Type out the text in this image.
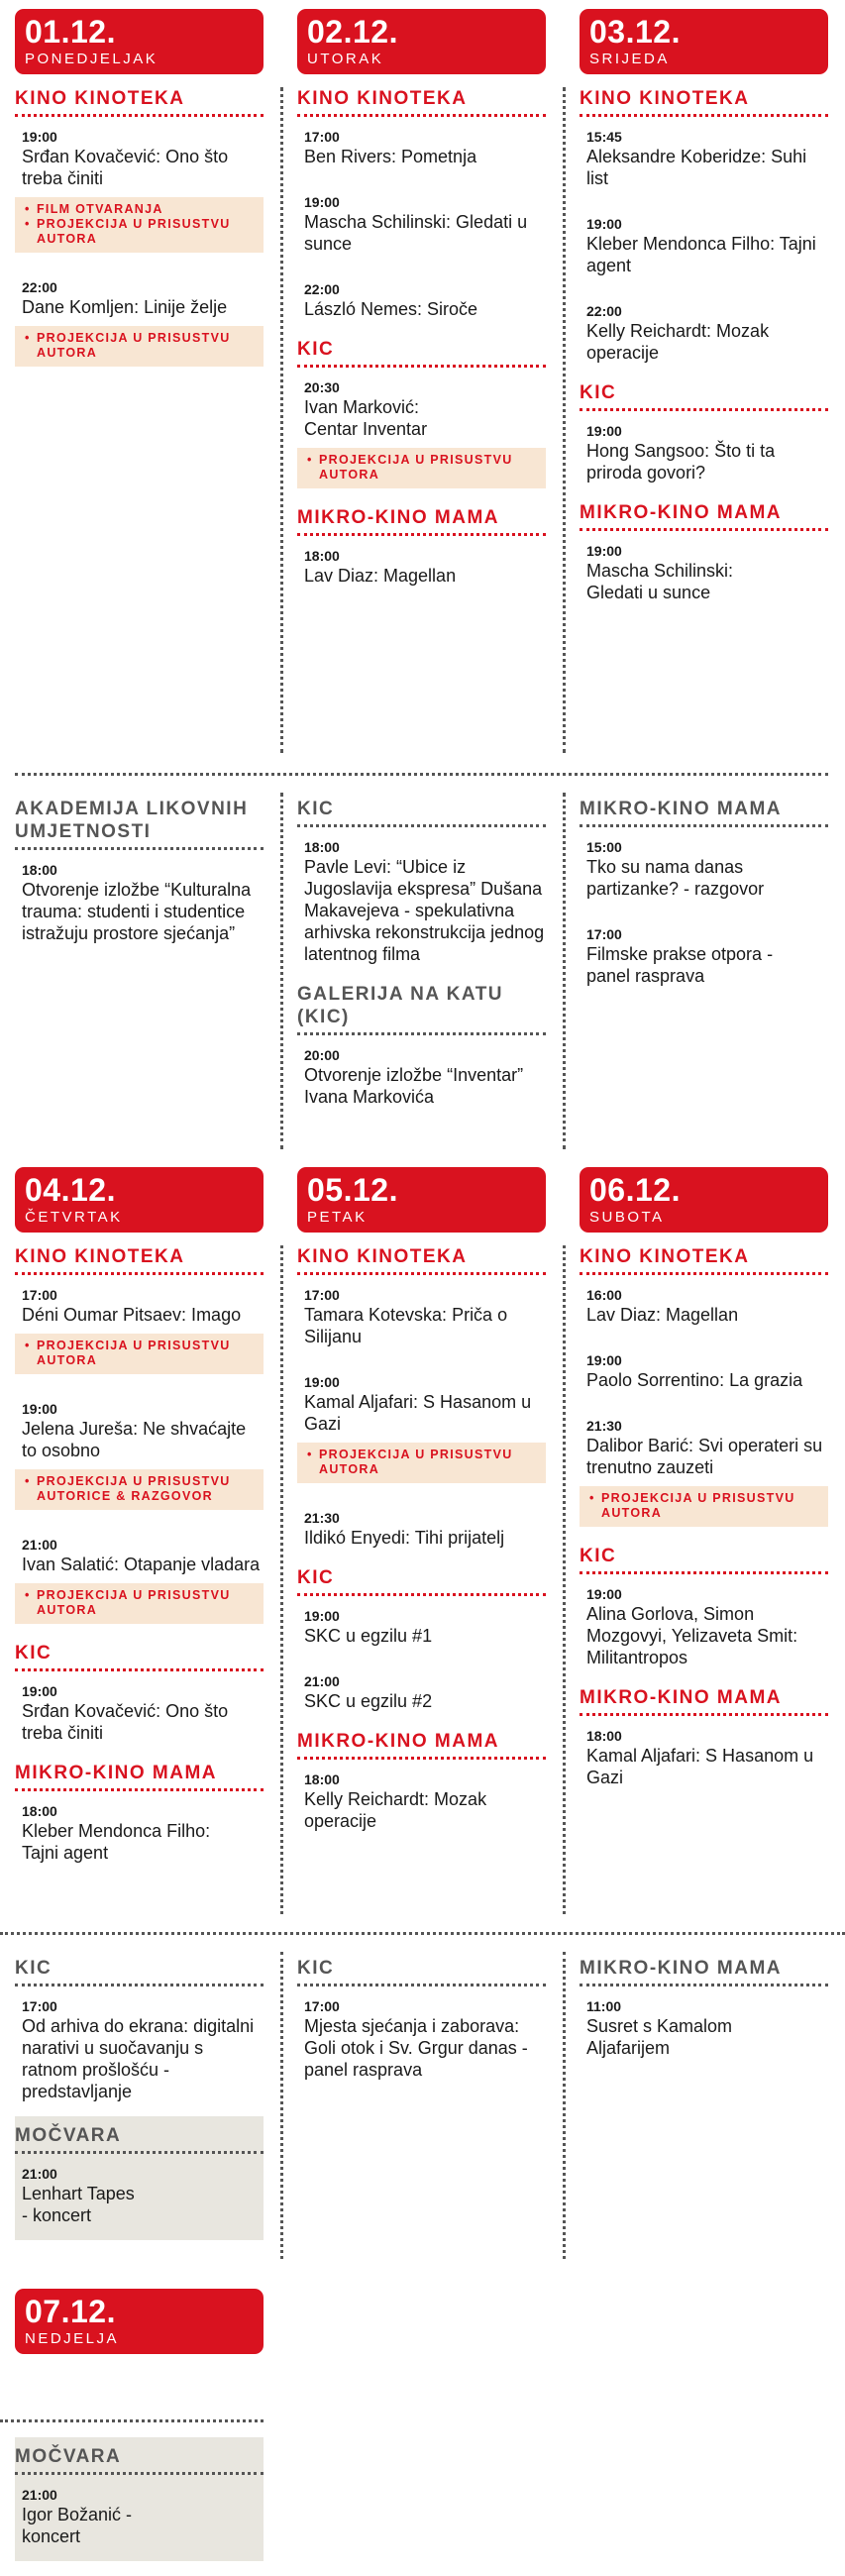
01.12.
PONEDJELJAK
02.12.
UTORAK
03.12.
SRIJEDA
KINO KINOTEKA
19:00
Srđan Kovačević: Ono što treba činiti
• FILM OTVARANJA
• PROJEKCIJA U PRISUSTVU AUTORA
22:00
Dane Komljen: Linije želje
• PROJEKCIJA U PRISUSTVU AUTORA
KINO KINOTEKA
17:00
Ben Rivers: Pometnja
19:00
Mascha Schilinski: Gledati u sunce
22:00
László Nemes: Siroče
KIC
20:30
Ivan Marković: Centar Inventar
• PROJEKCIJA U PRISUSTVU AUTORA
MIKRO-KINO MAMA
18:00
Lav Diaz: Magellan
KINO KINOTEKA
15:45
Aleksandre Koberidze: Suhi list
19:00
Kleber Mendonca Filho: Tajni agent
22:00
Kelly Reichardt: Mozak operacije
KIC
19:00
Hong Sangsoo: Što ti ta priroda govori?
MIKRO-KINO MAMA
19:00
Mascha Schilinski: Gledati u sunce
AKADEMIJA LIKOVNIH UMJETNOSTI
18:00
Otvorenje izložbe “Kulturalna trauma: studenti i studentice istražuju prostore sjećanja”
KIC
18:00
Pavle Levi: “Ubice iz Jugoslavija ekspresa” Dušana Makavejeva - spekulativna arhivska rekonstrukcija jednog latentnog filma
GALERIJA NA KATU (KIC)
20:00
Otvorenje izložbe “Inventar” Ivana Markovića
MIKRO-KINO MAMA
15:00
Tko su nama danas partizanke? - razgovor
17:00
Filmske prakse otpora - panel rasprava
04.12.
ČETVRTAK
05.12.
PETAK
06.12.
SUBOTA
KINO KINOTEKA
17:00
Déni Oumar Pitsaev: Imago
• PROJEKCIJA U PRISUSTVU AUTORA
19:00
Jelena Jureša: Ne shvaćajte to osobno
• PROJEKCIJA U PRISUSTVU AUTORICE & RAZGOVOR
21:00
Ivan Salatić: Otapanje vladara
• PROJEKCIJA U PRISUSTVU AUTORA
KIC
19:00
Srđan Kovačević: Ono što treba činiti
MIKRO-KINO MAMA
18:00
Kleber Mendonca Filho: Tajni agent
KINO KINOTEKA
17:00
Tamara Kotevska: Priča o Silijanu
19:00
Kamal Aljafari: S Hasanom u Gazi
• PROJEKCIJA U PRISUSTVU AUTORA
21:30
Ildikó Enyedi: Tihi prijatelj
KIC
19:00
SKC u egzilu #1
21:00
SKC u egzilu #2
MIKRO-KINO MAMA
18:00
Kelly Reichardt: Mozak operacije
KINO KINOTEKA
16:00
Lav Diaz: Magellan
19:00
Paolo Sorrentino: La grazia
21:30
Dalibor Barić: Svi operateri su trenutno zauzeti
• PROJEKCIJA U PRISUSTVU AUTORA
KIC
19:00
Alina Gorlova, Simon Mozgovyi, Yelizaveta Smit: Militantropos
MIKRO-KINO MAMA
18:00
Kamal Aljafari: S Hasanom u Gazi
KIC
17:00
Od arhiva do ekrana: digitalni narativi u suočavanju s ratnom prošlošću - predstavljanje
MOČVARA
21:00
Lenhart Tapes - koncert
KIC
17:00
Mjesta sjećanja i zaborava: Goli otok i Sv. Grgur danas - panel rasprava
MIKRO-KINO MAMA
11:00
Susret s Kamalom Aljafarijem
07.12.
NEDJELJA
MOČVARA
21:00
Igor Božanić - koncert
